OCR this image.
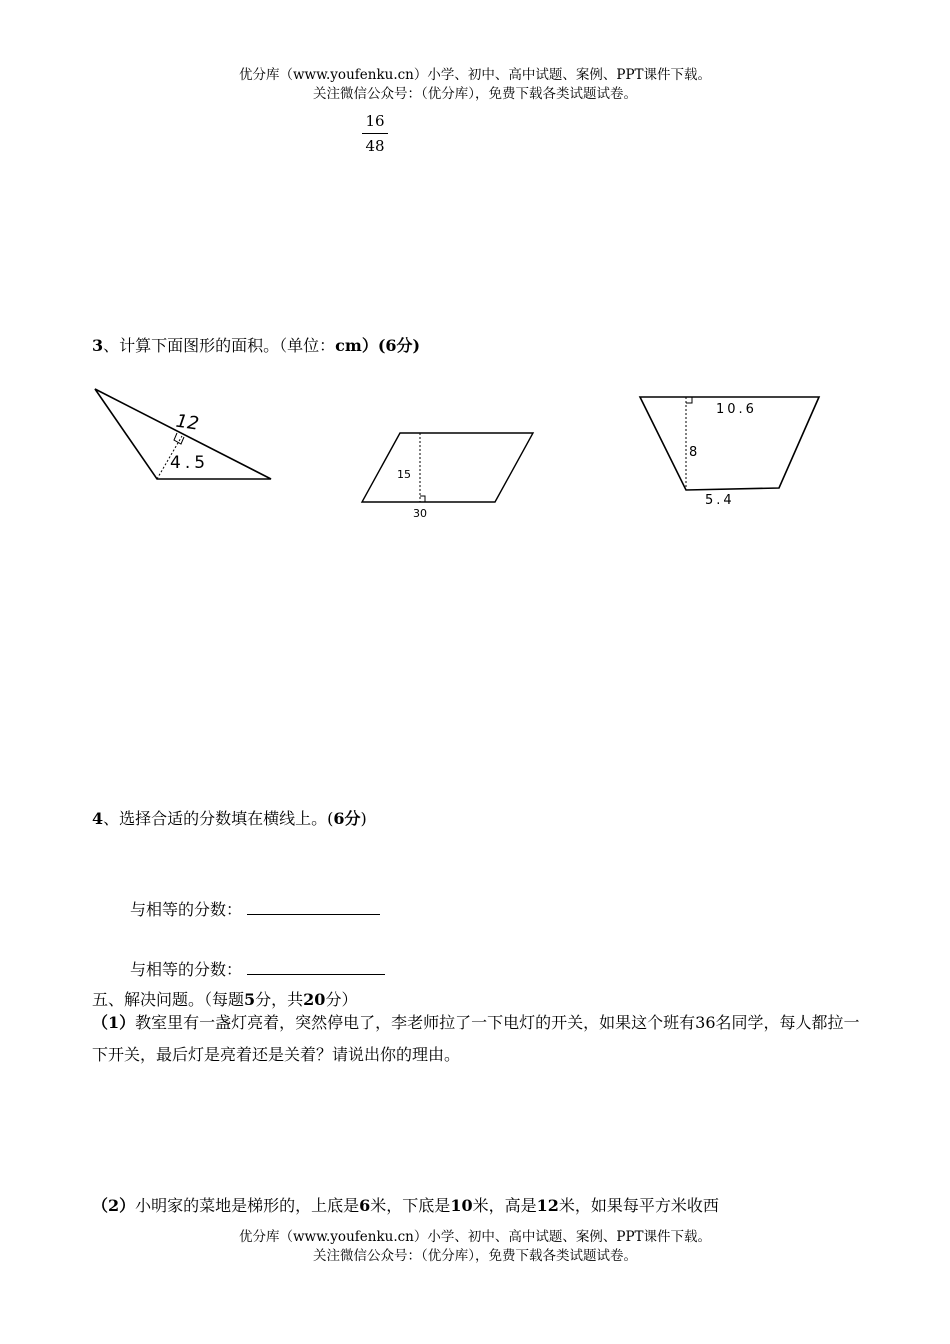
优分库（www.youfenku.cn）小学、初中、高中试题、案例、PPT课件下载。
关注微信公众号：（优分库），免费下载各类试题试卷。
16
48
3、计算下面图形的面积。（单位：cm）(6分)
12
4.5
15
30
10.6
8
5.4
4、选择合适的分数填在横线上。(6分)
与相等的分数：
与相等的分数：
五、解决问题。（每题5分，共20分）
（1）教室里有一盏灯亮着，突然停电了，李老师拉了一下电灯的开关，如果这个班有36名同学，每人都拉一下开关，最后灯是亮着还是关着？请说出你的理由。
（2）小明家的菜地是梯形的，上底是6米，下底是10米，高是12米，如果每平方米收西
优分库（www.youfenku.cn）小学、初中、高中试题、案例、PPT课件下载。
关注微信公众号：（优分库），免费下载各类试题试卷。
